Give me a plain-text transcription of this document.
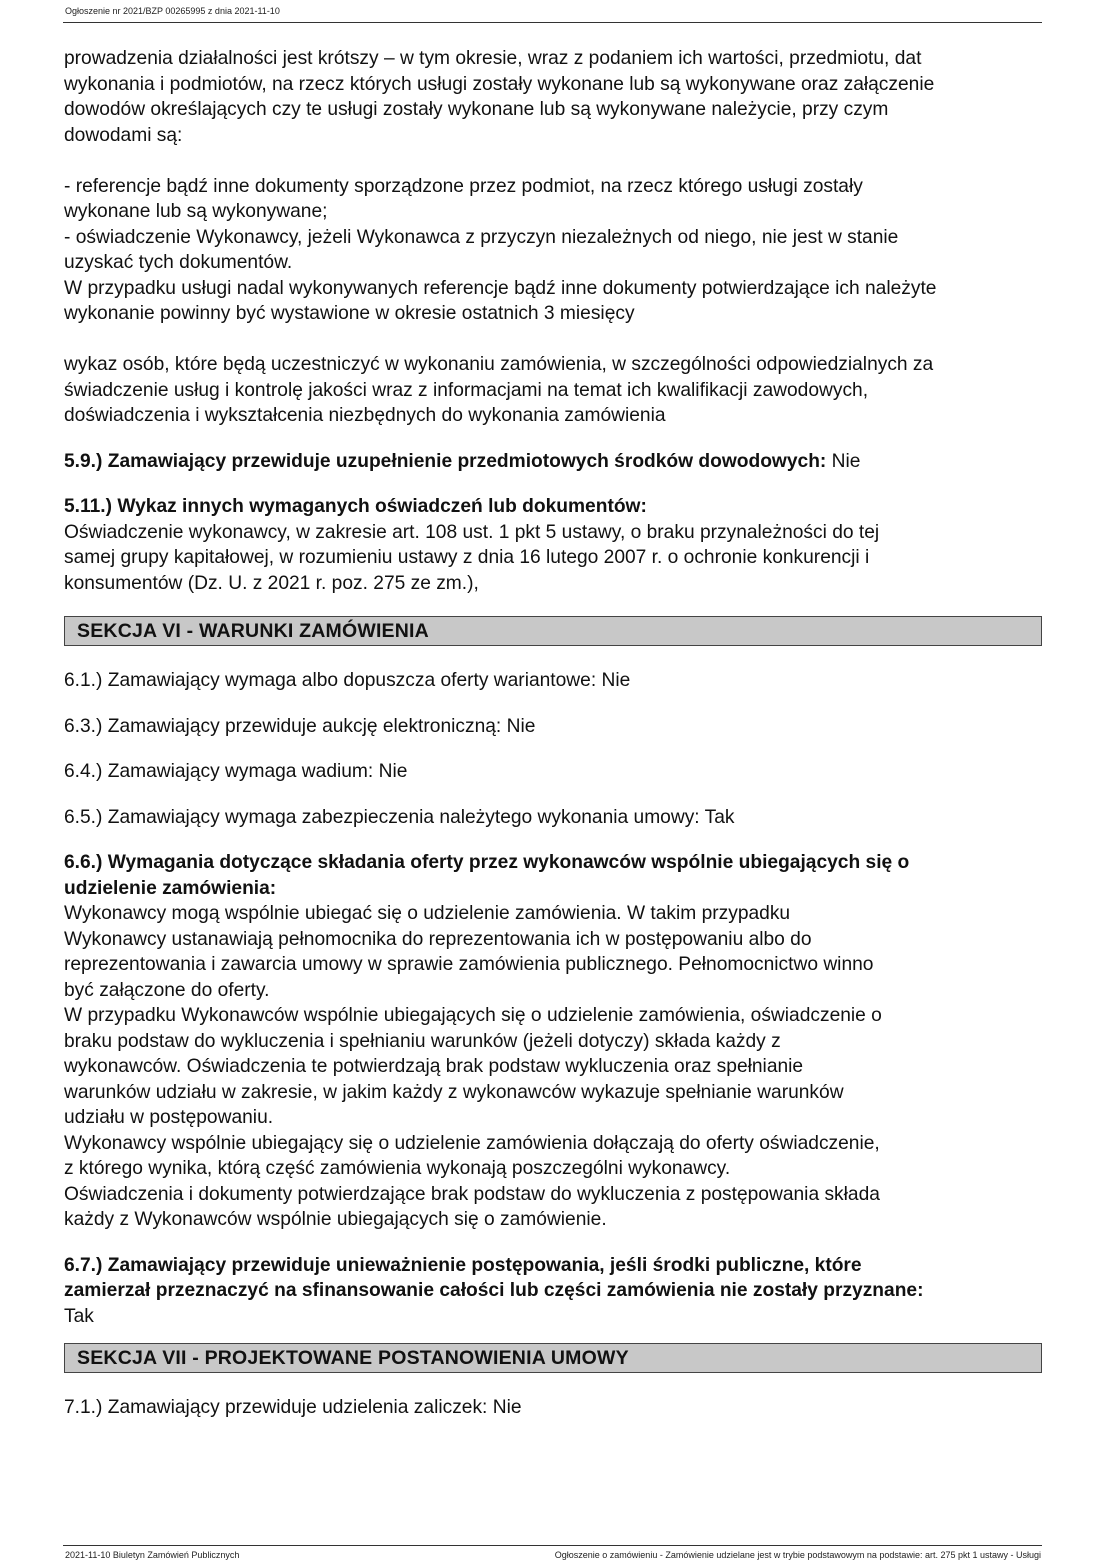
Ogłoszenie nr 2021/BZP 00265995 z dnia 2021-11-10

prowadzenia działalności jest krótszy – w tym okresie, wraz z podaniem ich wartości, przedmiotu, dat

wykonania i podmiotów, na rzecz których usługi zostały wykonane lub są wykonywane oraz załączenie

dowodów określających czy te usługi zostały wykonane lub są wykonywane należycie, przy czym

dowodami są:

- referencje bądź inne dokumenty sporządzone przez podmiot, na rzecz którego usługi zostały

wykonane lub są wykonywane;

- oświadczenie Wykonawcy, jeżeli Wykonawca z przyczyn niezależnych od niego, nie jest w stanie

uzyskać tych dokumentów.

W przypadku usługi nadal wykonywanych referencje bądź inne dokumenty potwierdzające ich należyte

wykonanie powinny być wystawione w okresie ostatnich 3 miesięcy

wykaz osób, które będą uczestniczyć w wykonaniu zamówienia, w szczególności odpowiedzialnych za

świadczenie usług i kontrolę jakości wraz z informacjami na temat ich kwalifikacji zawodowych,

doświadczenia i wykształcenia niezbędnych do wykonania zamówienia

5.9.) Zamawiający przewiduje uzupełnienie przedmiotowych środków dowodowych: Nie

5.11.) Wykaz innych wymaganych oświadczeń lub dokumentów:

Oświadczenie wykonawcy, w zakresie art. 108 ust. 1 pkt 5 ustawy, o braku przynależności do tej

samej grupy kapitałowej, w rozumieniu ustawy z dnia 16 lutego 2007 r. o ochronie konkurencji i

konsumentów (Dz. U. z 2021 r. poz. 275 ze zm.),

SEKCJA VI - WARUNKI ZAMÓWIENIA

6.1.) Zamawiający wymaga albo dopuszcza oferty wariantowe: Nie

6.3.) Zamawiający przewiduje aukcję elektroniczną: Nie

6.4.) Zamawiający wymaga wadium: Nie

6.5.) Zamawiający wymaga zabezpieczenia należytego wykonania umowy: Tak

6.6.) Wymagania dotyczące składania oferty przez wykonawców wspólnie ubiegających się o

udzielenie zamówienia:

Wykonawcy mogą wspólnie ubiegać się o udzielenie zamówienia. W takim przypadku

Wykonawcy ustanawiają pełnomocnika do reprezentowania ich w postępowaniu albo do

reprezentowania i zawarcia umowy w sprawie zamówienia publicznego. Pełnomocnictwo winno

być załączone do oferty.

W przypadku Wykonawców wspólnie ubiegających się o udzielenie zamówienia, oświadczenie o

braku podstaw do wykluczenia i spełnianiu warunków (jeżeli dotyczy) składa każdy z

wykonawców. Oświadczenia te potwierdzają brak podstaw wykluczenia oraz spełnianie

warunków udziału w zakresie, w jakim każdy z wykonawców wykazuje spełnianie warunków

udziału w postępowaniu.

Wykonawcy wspólnie ubiegający się o udzielenie zamówienia dołączają do oferty oświadczenie,

z którego wynika, którą część zamówienia wykonają poszczególni wykonawcy.

Oświadczenia i dokumenty potwierdzające brak podstaw do wykluczenia z postępowania składa

każdy z Wykonawców wspólnie ubiegających się o zamówienie.

6.7.) Zamawiający przewiduje unieważnienie postępowania, jeśli środki publiczne, które

zamierzał przeznaczyć na sfinansowanie całości lub części zamówienia nie zostały przyznane:

Tak

SEKCJA VII - PROJEKTOWANE POSTANOWIENIA UMOWY

7.1.) Zamawiający przewiduje udzielenia zaliczek: Nie

2021-11-10 Biuletyn Zamówień Publicznych	Ogłoszenie o zamówieniu - Zamówienie udzielane jest w trybie podstawowym na podstawie: art. 275 pkt 1 ustawy - Usługi
